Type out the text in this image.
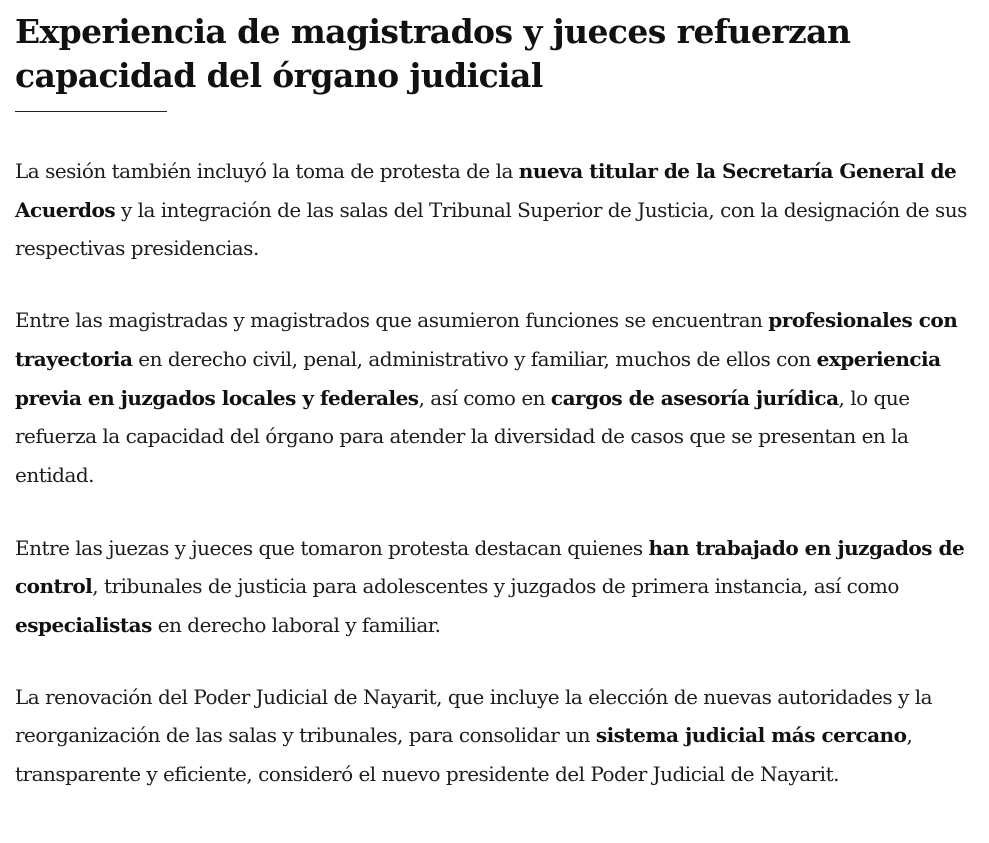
Experiencia de magistrados y jueces refuerzan capacidad del órgano judicial

La sesión también incluyó la toma de protesta de la nueva titular de la Secretaría General de Acuerdos y la integración de las salas del Tribunal Superior de Justicia, con la designación de sus respectivas presidencias.

Entre las magistradas y magistrados que asumieron funciones se encuentran profesionales con trayectoria en derecho civil, penal, administrativo y familiar, muchos de ellos con experiencia previa en juzgados locales y federales, así como en cargos de asesoría jurídica, lo que refuerza la capacidad del órgano para atender la diversidad de casos que se presentan en la entidad.

Entre las juezas y jueces que tomaron protesta destacan quienes han trabajado en juzgados de control, tribunales de justicia para adolescentes y juzgados de primera instancia, así como especialistas en derecho laboral y familiar.

La renovación del Poder Judicial de Nayarit, que incluye la elección de nuevas autoridades y la reorganización de las salas y tribunales, para consolidar un sistema judicial más cercano, transparente y eficiente, consideró el nuevo presidente del Poder Judicial de Nayarit.
